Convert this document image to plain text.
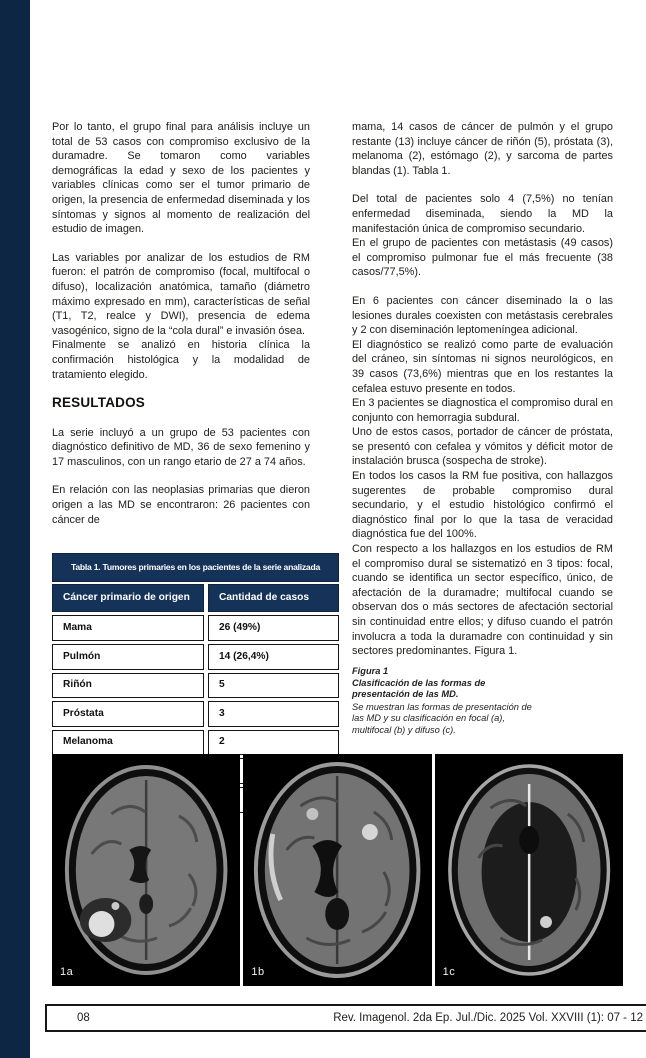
Por lo tanto, el grupo final para análisis incluye un total de 53 casos con compromiso exclusivo de la duramadre. Se tomaron como variables demográficas la edad y sexo de los pacientes y variables clínicas como ser el tumor primario de origen, la presencia de enfermedad diseminada y los síntomas y signos al momento de realización del estudio de imagen.

Las variables por analizar de los estudios de RM fueron: el patrón de compromiso (focal, multifocal o difuso), localización anatómica, tamaño (diámetro máximo expresado en mm), características de señal (T1, T2, realce y DWI), presencia de edema vasogénico, signo de la “cola dural” e invasión ósea.

Finalmente se analizó en historia clínica la confirmación histológica y la modalidad de tratamiento elegido.

RESULTADOS

La serie incluyó a un grupo de 53 pacientes con diagnóstico definitivo de MD, 36 de sexo femenino y 17 masculinos, con un rango etario de 27 a 74 años.

En relación con las neoplasias primarias que dieron origen a las MD se encontraron: 26 pacientes con cáncer de

Tabla 1. Tumores primaries en los pacientes de la serie analizada
Cáncer primario de origen	Cantidad de casos
Mama	26 (49%)
Pulmón	14 (26,4%)
Riñón	5
Próstata	3
Melanoma	2

mama, 14 casos de cáncer de pulmón y el grupo restante (13) incluye cáncer de riñón (5), próstata (3), melanoma (2), estómago (2), y sarcoma de partes blandas (1). Tabla 1.

Del total de pacientes solo 4 (7,5%) no tenían enfermedad diseminada, siendo la MD la manifestación única de compromiso secundario.

En el grupo de pacientes con metástasis (49 casos) el compromiso pulmonar fue el más frecuente (38 casos/77,5%).

En 6 pacientes con cáncer diseminado la o las lesiones durales coexisten con metástasis cerebrales y 2 con diseminación leptomeníngea adicional.

El diagnóstico se realizó como parte de evaluación del cráneo, sin síntomas ni signos neurológicos, en 39 casos (73,6%) mientras que en los restantes la cefalea estuvo presente en todos.

En 3 pacientes se diagnostica el compromiso dural en conjunto con hemorragia subdural.

Uno de estos casos, portador de cáncer de próstata, se presentó con cefalea y vómitos y déficit motor de instalación brusca (sospecha de stroke).

En todos los casos la RM fue positiva, con hallazgos sugerentes de probable compromiso dural secundario, y el estudio histológico confirmó el diagnóstico final por lo que la tasa de veracidad diagnóstica fue del 100%.

Con respecto a los hallazgos en los estudios de RM el compromiso dural se sistematizó en 3 tipos: focal, cuando se identifica un sector específico, único, de afectación de la duramadre; multifocal cuando se observan dos o más sectores de afectación sectorial sin continuidad entre ellos; y difuso cuando el patrón involucra a toda la duramadre con continuidad y sin sectores predominantes. Figura 1.

Figura 1
Clasificación de las formas de presentación de las MD.
Se muestran las formas de presentación de las MD y su clasificación en focal (a), multifocal (b) y difuso (c).
1a	1b	1c
08	Rev. Imagenol. 2da Ep. Jul./Dic. 2025 Vol. XXVIII (1): 07 - 12
